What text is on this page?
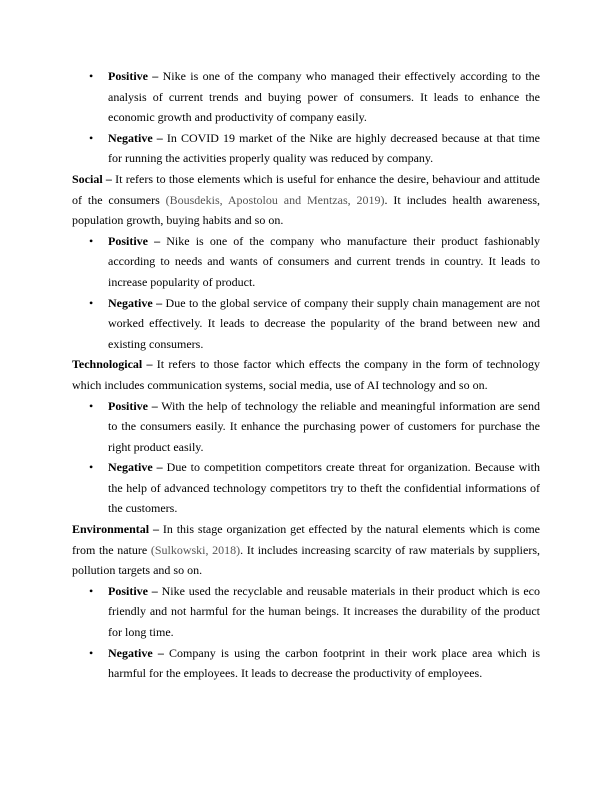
• Positive – Nike is one of the company who managed their effectively according to the analysis of current trends and buying power of consumers. It leads to enhance the economic growth and productivity of company easily.
• Negative – In COVID 19 market of the Nike are highly decreased because at that time for running the activities properly quality was reduced by company.

Social – It refers to those elements which is useful for enhance the desire, behaviour and attitude of the consumers (Bousdekis, Apostolou and Mentzas, 2019). It includes health awareness, population growth, buying habits and so on.

• Positive – Nike is one of the company who manufacture their product fashionably according to needs and wants of consumers and current trends in country. It leads to increase popularity of product.
• Negative – Due to the global service of company their supply chain management are not worked effectively. It leads to decrease the popularity of the brand between new and existing consumers.

Technological – It refers to those factor which effects the company in the form of technology which includes communication systems, social media, use of AI technology and so on.

• Positive – With the help of technology the reliable and meaningful information are send to the consumers easily. It enhance the purchasing power of customers for purchase the right product easily.
• Negative – Due to competition competitors create threat for organization. Because with the help of advanced technology competitors try to theft the confidential informations of the customers.

Environmental – In this stage organization get effected by the natural elements which is come from the nature (Sulkowski, 2018). It includes increasing scarcity of raw materials by suppliers, pollution targets and so on.

• Positive – Nike used the recyclable and reusable materials in their product which is eco friendly and not harmful for the human beings. It increases the durability of the product for long time.
• Negative – Company is using the carbon footprint in their work place area which is harmful for the employees. It leads to decrease the productivity of employees.
